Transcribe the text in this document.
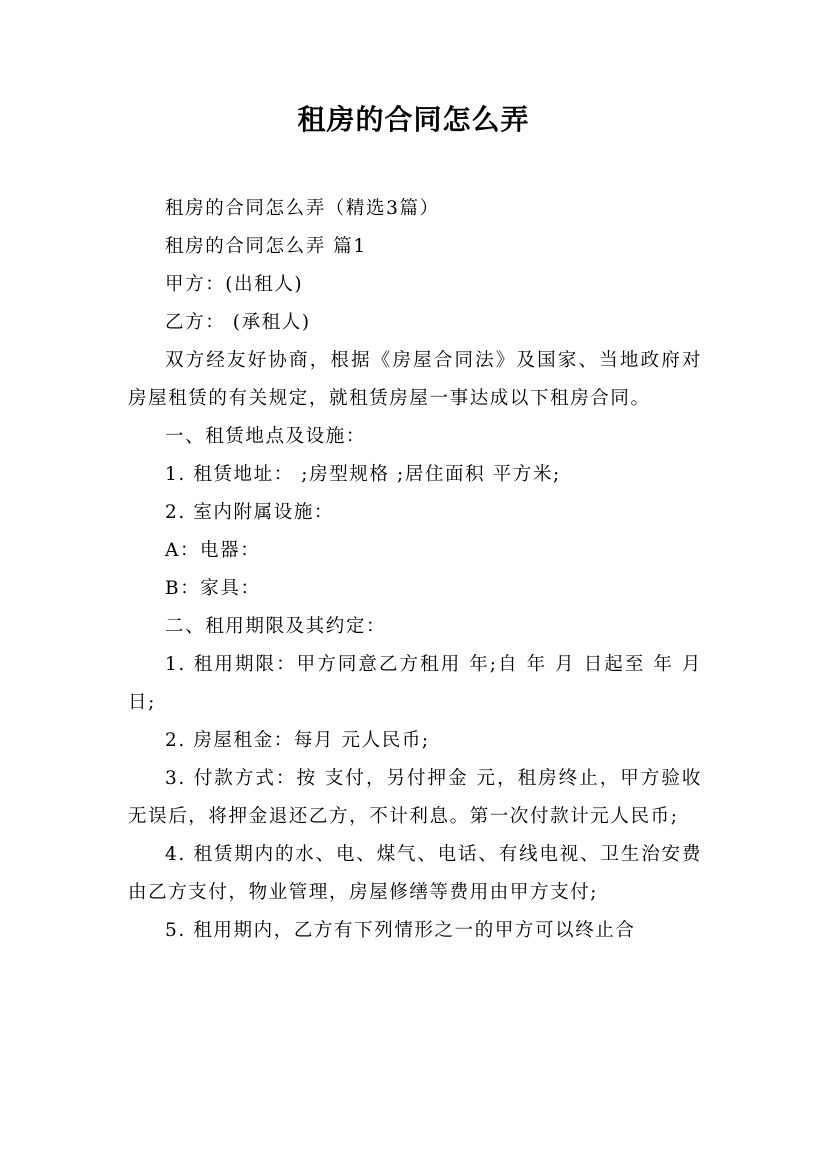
租房的合同怎么弄

租房的合同怎么弄（精选3篇）

租房的合同怎么弄 篇1

甲方：(出租人)

乙方： (承租人)

双方经友好协商，根据《房屋合同法》及国家、当地政府对房屋租赁的有关规定，就租赁房屋一事达成以下租房合同。

一、租赁地点及设施：

1. 租赁地址： ;房型规格 ;居住面积 平方米;

2. 室内附属设施：

A：电器：

B：家具：

二、租用期限及其约定：

1. 租用期限：甲方同意乙方租用 年;自 年 月 日起至 年 月 日;

2. 房屋租金：每月 元人民币;

3. 付款方式：按 支付，另付押金 元，租房终止，甲方验收无误后，将押金退还乙方，不计利息。第一次付款计元人民币;

4. 租赁期内的水、电、煤气、电话、有线电视、卫生治安费由乙方支付，物业管理，房屋修缮等费用由甲方支付;

5. 租用期内，乙方有下列情形之一的甲方可以终止合
